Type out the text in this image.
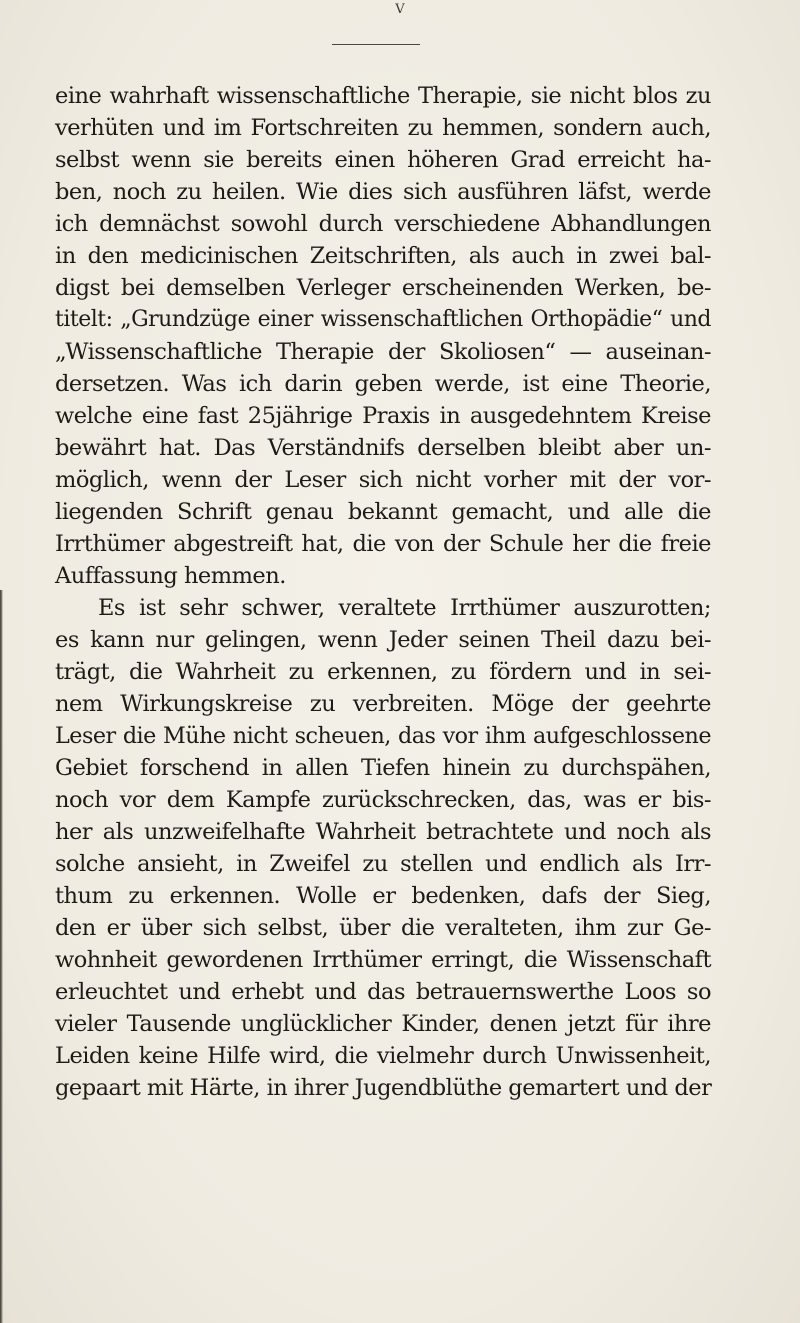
V
eine wahrhaft wissenschaftliche Therapie, sie nicht blos zu
verhüten und im Fortschreiten zu hemmen, sondern auch,
selbst wenn sie bereits einen höheren Grad erreicht ha-
ben, noch zu heilen. Wie dies sich ausführen läfst, werde
ich demnächst sowohl durch verschiedene Abhandlungen
in den medicinischen Zeitschriften, als auch in zwei bal-
digst bei demselben Verleger erscheinenden Werken, be-
titelt: „Grundzüge einer wissenschaftlichen Orthopädie“ und
„Wissenschaftliche Therapie der Skoliosen“ — auseinan-
dersetzen. Was ich darin geben werde, ist eine Theorie,
welche eine fast 25jährige Praxis in ausgedehntem Kreise
bewährt hat. Das Verständnifs derselben bleibt aber un-
möglich, wenn der Leser sich nicht vorher mit der vor-
liegenden Schrift genau bekannt gemacht, und alle die
Irrthümer abgestreift hat, die von der Schule her die freie
Auffassung hemmen.
Es ist sehr schwer, veraltete Irrthümer auszurotten;
es kann nur gelingen, wenn Jeder seinen Theil dazu bei-
trägt, die Wahrheit zu erkennen, zu fördern und in sei-
nem Wirkungskreise zu verbreiten. Möge der geehrte
Leser die Mühe nicht scheuen, das vor ihm aufgeschlossene
Gebiet forschend in allen Tiefen hinein zu durchspähen,
noch vor dem Kampfe zurückschrecken, das, was er bis-
her als unzweifelhafte Wahrheit betrachtete und noch als
solche ansieht, in Zweifel zu stellen und endlich als Irr-
thum zu erkennen. Wolle er bedenken, dafs der Sieg,
den er über sich selbst, über die veralteten, ihm zur Ge-
wohnheit gewordenen Irrthümer erringt, die Wissenschaft
erleuchtet und erhebt und das betrauernswerthe Loos so
vieler Tausende unglücklicher Kinder, denen jetzt für ihre
Leiden keine Hilfe wird, die vielmehr durch Unwissenheit,
gepaart mit Härte, in ihrer Jugendblüthe gemartert und der
